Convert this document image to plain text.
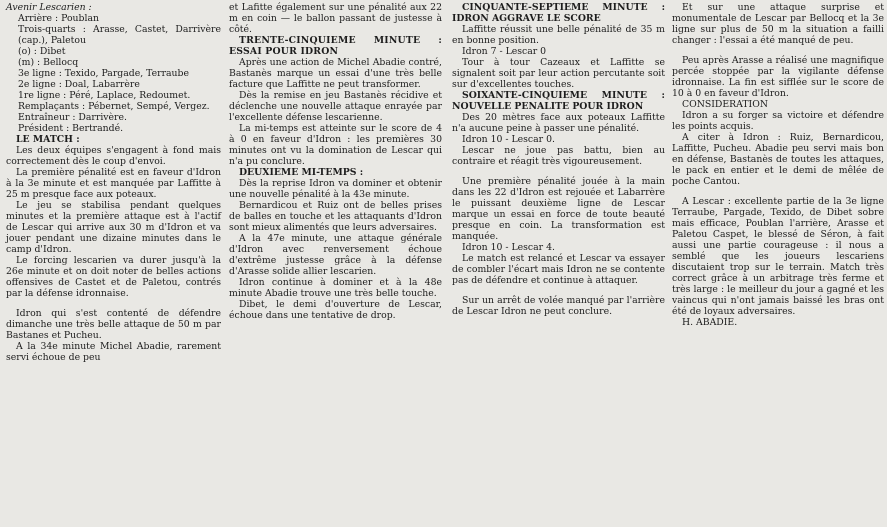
Avenir Lescarien :

Arrière : Poublan

Trois-quarts : Arasse, Castet, Darrivère (cap.), Paletou

(o) : Dibet

(m) : Bellocq

3e ligne : Texido, Pargade, Terraube

2e ligne : Doal, Labarrère

1re ligne : Péré, Laplace, Redoumet.

Remplaçants : Pébernet, Sempé, Vergez.

Entraîneur : Darrivère.

Président : Bertrandé.

LE MATCH :

Les deux équipes s'engagent à fond mais correctement dès le coup d'envoi.

La première pénalité est en faveur d'Idron à la 3e minute et est manquée par Laffitte à 25 m presque face aux poteaux.

Le jeu se stabilisa pendant quelques minutes et la première attaque est à l'actif de Lescar qui arrive aux 30 m d'Idron et va jouer pendant une dizaine minutes dans le camp d'Idron.

Le forcing lescarien va durer jusqu'à la 26e minute et on doit noter de belles actions offensives de Castet et de Paletou, contrés par la défense idronnaise.

Idron qui s'est contenté de défendre dimanche une très belle attaque de 50 m par Bastanes et Pucheu.

A la 34e minute Michel Abadie, rarement servi échoue de peu

et Lafitte également sur une pénalité aux 22 m en coin — le ballon passant de justesse à côté.

TRENTE-CINQUIEME MINUTE : ESSAI POUR IDRON

Après une action de Michel Abadie contré, Bastanès marque un essai d'une très belle facture que Laffitte ne peut transformer.

Dès la remise en jeu Bastanès récidive et déclenche une nouvelle attaque enrayée par l'excellente défense lescarienne.

La mi-temps est atteinte sur le score de 4 à 0 en faveur d'Idron : les premières 30 minutes ont vu la domination de Lescar qui n'a pu conclure.

DEUXIEME MI-TEMPS :

Dès la reprise Idron va dominer et obtenir une nouvelle pénalité à la 43e minute.

Bernardicou et Ruiz ont de belles prises de balles en touche et les attaquants d'Idron sont mieux alimentés que leurs adversaires.

A la 47e minute, une attaque générale d'Idron avec renversement échoue d'extrême justesse grâce à la défense d'Arasse solide allier lescarien.

Idron continue à dominer et à la 48e minute Abadie trouve une très belle touche.

Dibet, le demi d'ouverture de Lescar, échoue dans une tentative de drop.

CINQUANTE-SEPTIEME MINUTE : IDRON AGGRAVE LE SCORE

Laffitte réussit une belle pénalité de 35 m en bonne position.

Idron 7 - Lescar 0

Tour à tour Cazeaux et Laffitte se signalent soit par leur action percutante soit sur d'excellentes touches.

SOIXANTE-CINQUIEME MINUTE : NOUVELLE PENALITE POUR IDRON

Des 20 mètres face aux poteaux Laffitte n'a aucune peine à passer une pénalité.

Idron 10 - Lescar 0.

Lescar ne joue pas battu, bien au contraire et réagit très vigoureusement.

Une première pénalité jouée à la main dans les 22 d'Idron est rejouée et Labarrère le puissant deuxième ligne de Lescar marque un essai en force de toute beauté presque en coin. La transformation est manquée.

Idron 10 - Lescar 4.

Le match est relancé et Lescar va essayer de combler l'écart mais Idron ne se contente pas de défendre et continue à attaquer.

Sur un arrêt de volée manqué par l'arrière de Lescar Idron ne peut conclure.

Et sur une attaque surprise et monumentale de Lescar par Bellocq et la 3e ligne sur plus de 50 m la situation a failli changer : l'essai a été manqué de peu.

Peu après Arasse a réalisé une magnifique percée stoppée par la vigilante défense idronnaise. La fin est sifflée sur le score de 10 à 0 en faveur d'Idron.

CONSIDERATION

Idron a su forger sa victoire et défendre les points acquis.

A citer à Idron : Ruiz, Bernardicou, Laffitte, Pucheu. Abadie peu servi mais bon en défense, Bastanès de toutes les attaques, le pack en entier et le demi de mêlée de poche Cantou.

A Lescar : excellente partie de la 3e ligne Terraube, Pargade, Texido, de Dibet sobre mais efficace, Poublan l'arrière, Arasse et Paletou Caspet, le blessé de Séron, à fait aussi une partie courageuse : il nous a semblé que les joueurs lescariens discutaient trop sur le terrain. Match très correct grâce à un arbitrage très ferme et très large : le meilleur du jour a gagné et les vaincus qui n'ont jamais baissé les bras ont été de loyaux adversaires.

H. ABADIE.
